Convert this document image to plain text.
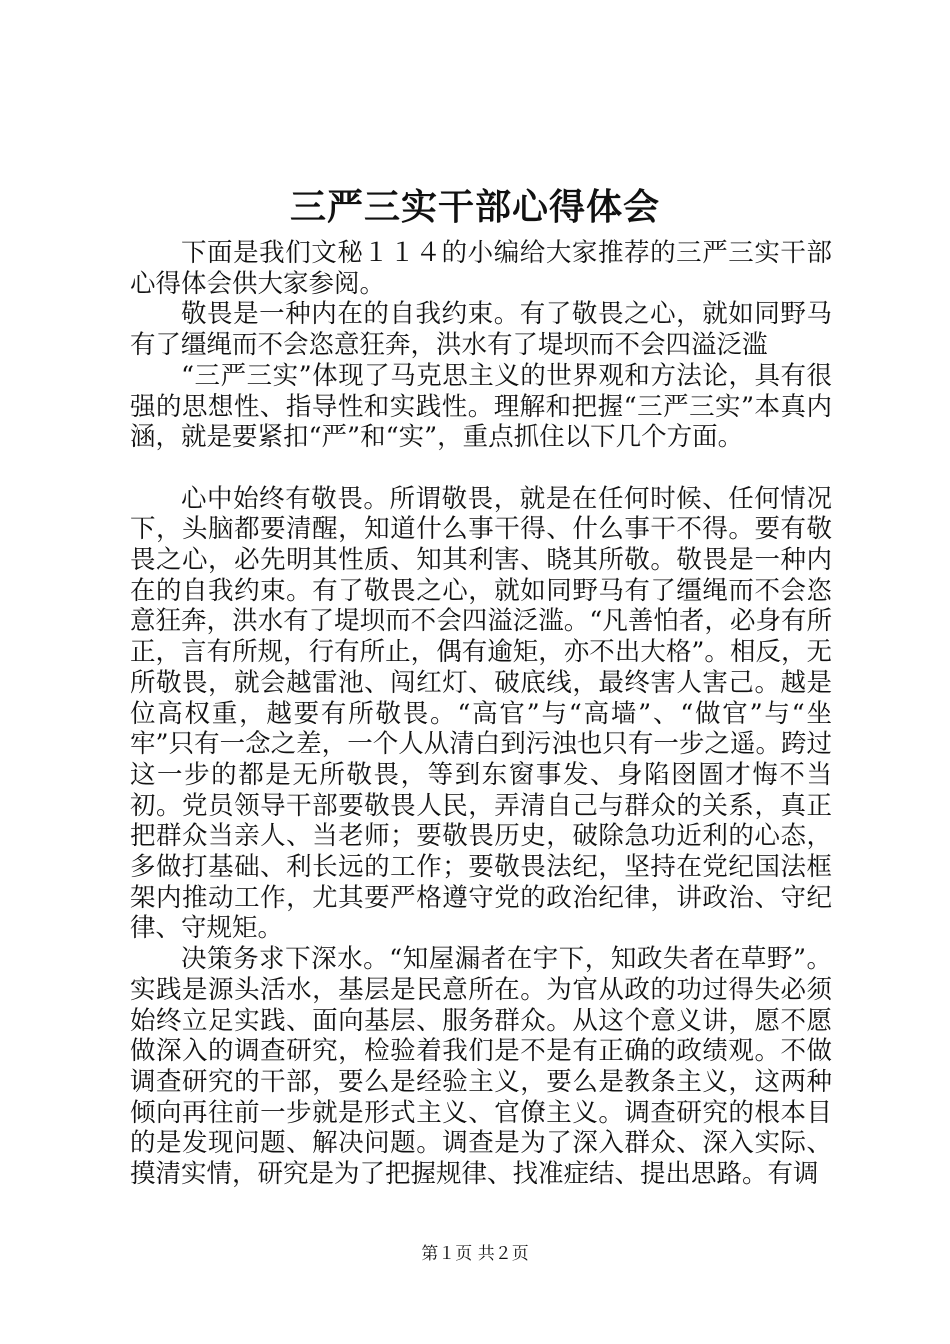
三严三实干部心得体会

下面是我们文秘１１４的小编给大家推荐的三严三实干部心得体会供大家参阅。

敬畏是一种内在的自我约束。有了敬畏之心，就如同野马有了缰绳而不会恣意狂奔，洪水有了堤坝而不会四溢泛滥

“三严三实”体现了马克思主义的世界观和方法论，具有很强的思想性、指导性和实践性。理解和把握“三严三实”本真内涵，就是要紧扣“严”和“实”，重点抓住以下几个方面。

心中始终有敬畏。所谓敬畏，就是在任何时候、任何情况下，头脑都要清醒，知道什么事干得、什么事干不得。要有敬畏之心，必先明其性质、知其利害、晓其所敬。敬畏是一种内在的自我约束。有了敬畏之心，就如同野马有了缰绳而不会恣意狂奔，洪水有了堤坝而不会四溢泛滥。“凡善怕者，必身有所正，言有所规，行有所止，偶有逾矩，亦不出大格”。相反，无所敬畏，就会越雷池、闯红灯、破底线，最终害人害己。越是位高权重，越要有所敬畏。“高官”与“高墙”、“做官”与“坐牢”只有一念之差，一个人从清白到污浊也只有一步之遥。跨过这一步的都是无所敬畏，等到东窗事发、身陷囹圄才悔不当初。党员领导干部要敬畏人民，弄清自己与群众的关系，真正把群众当亲人、当老师；要敬畏历史，破除急功近利的心态，多做打基础、利长远的工作；要敬畏法纪，坚持在党纪国法框架内推动工作，尤其要严格遵守党的政治纪律，讲政治、守纪律、守规矩。

决策务求下深水。“知屋漏者在宇下，知政失者在草野”。实践是源头活水，基层是民意所在。为官从政的功过得失必须始终立足实践、面向基层、服务群众。从这个意义讲，愿不愿做深入的调查研究，检验着我们是不是有正确的政绩观。不做调查研究的干部，要么是经验主义，要么是教条主义，这两种倾向再往前一步就是形式主义、官僚主义。调查研究的根本目的是发现问题、解决问题。调查是为了深入群众、深入实际、摸清实情，研究是为了把握规律、找准症结、提出思路。有调

第１页 共２页
